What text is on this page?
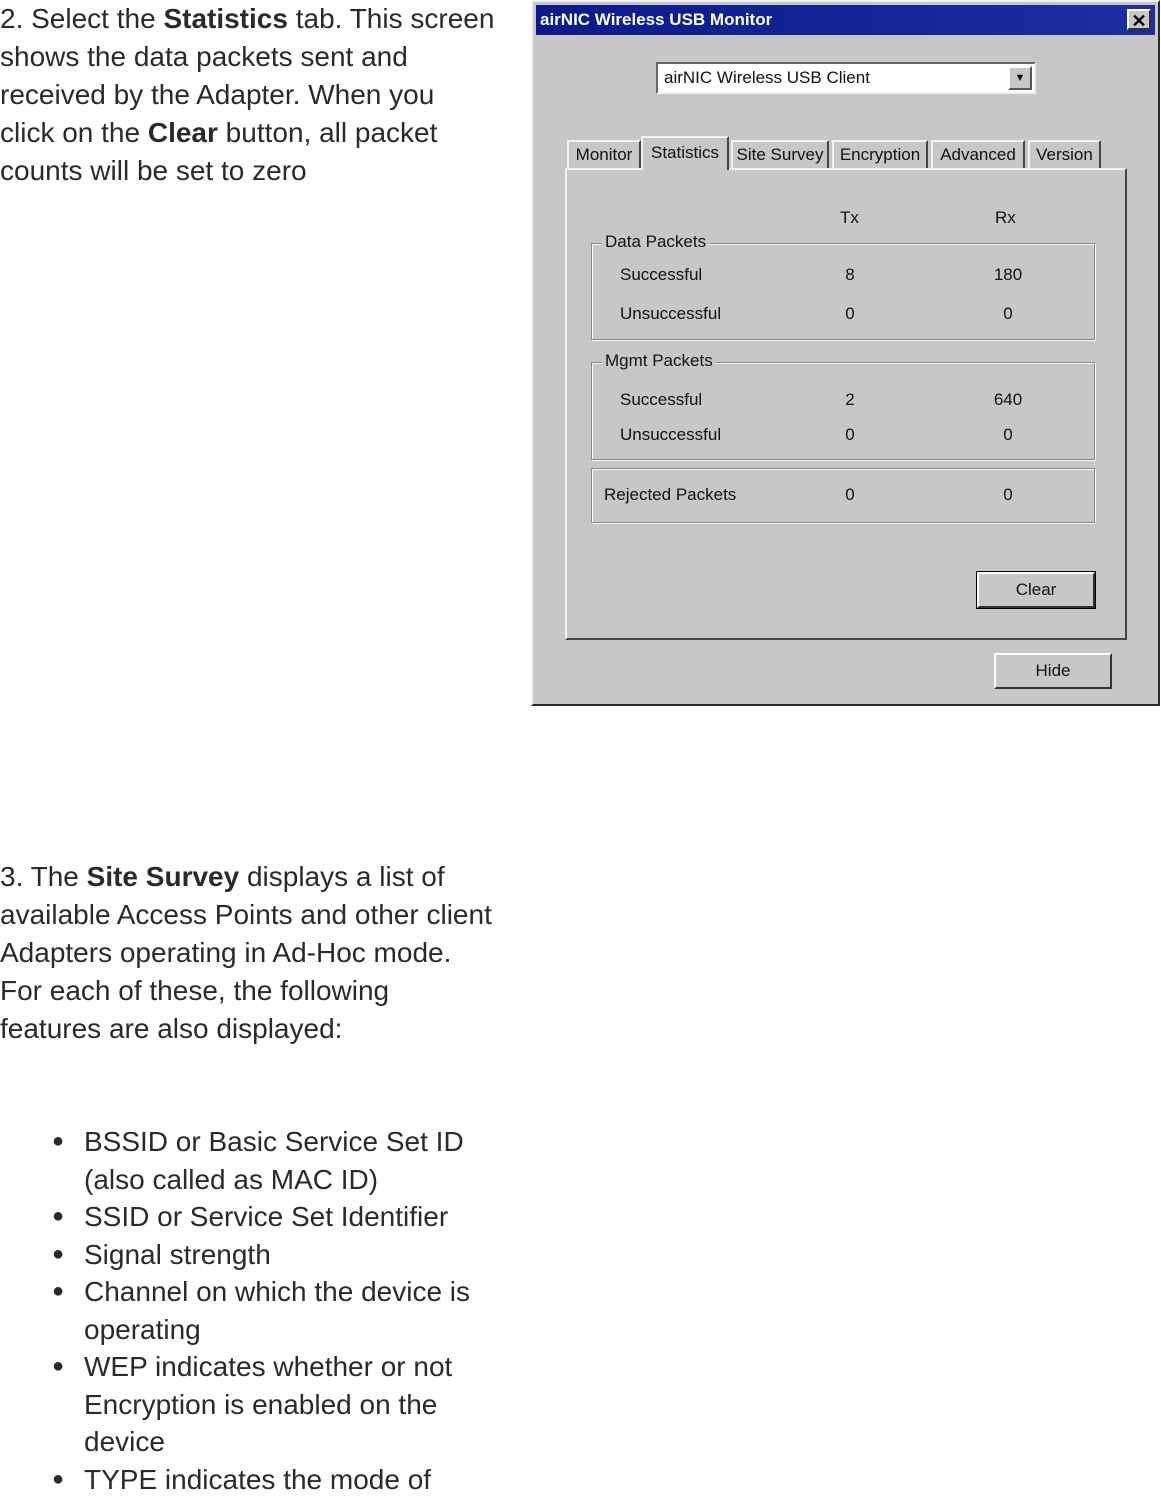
2. Select the Statistics tab. This screen shows the data packets sent and received by the Adapter. When you click on the Clear button, all packet counts will be set to zero
3. The Site Survey displays a list of available Access Points and other client Adapters operating in Ad-Hoc mode. For each of these, the following features are also displayed:
● BSSID or Basic Service Set ID (also called as MAC ID)
● SSID or Service Set Identifier
● Signal strength
● Channel on which the device is operating
● WEP indicates whether or not Encryption is enabled on the device
● TYPE indicates the mode of
airNIC Wireless USB Monitor	✕
airNIC Wireless USB Client	▼
Monitor	Statistics	Site Survey Encryption	Advanced	Version
Tx	Rx
Data Packets
Successful	8	180
Unsuccessful	0	0
Mgmt Packets
Successful	2	640
Unsuccessful	0	0
Rejected Packets	0	0
Clear
Hide
